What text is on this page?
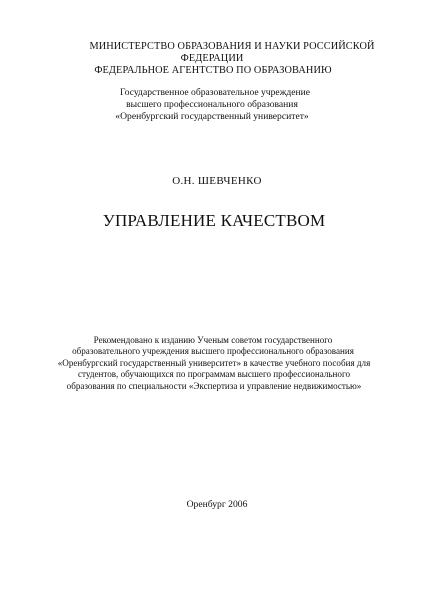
МИНИСТЕРСТВО ОБРАЗОВАНИЯ И НАУКИ РОССИЙСКОЙ
ФЕДЕРАЦИИ
ФЕДЕРАЛЬНОЕ АГЕНТСТВО ПО ОБРАЗОВАНИЮ
Государственное образовательное учреждение
высшего профессионального образования
«Оренбургский государственный университет»
О.Н. ШЕВЧЕНКО
УПРАВЛЕНИЕ КАЧЕСТВОМ
Рекомендовано к изданию Ученым советом государственного
образовательного учреждения высшего профессионального образования
«Оренбургский государственный университет» в качестве учебного пособия для
студентов, обучающихся по программам высшего профессионального
образования по специальности «Экспертиза и управление недвижимостью»
Оренбург 2006
